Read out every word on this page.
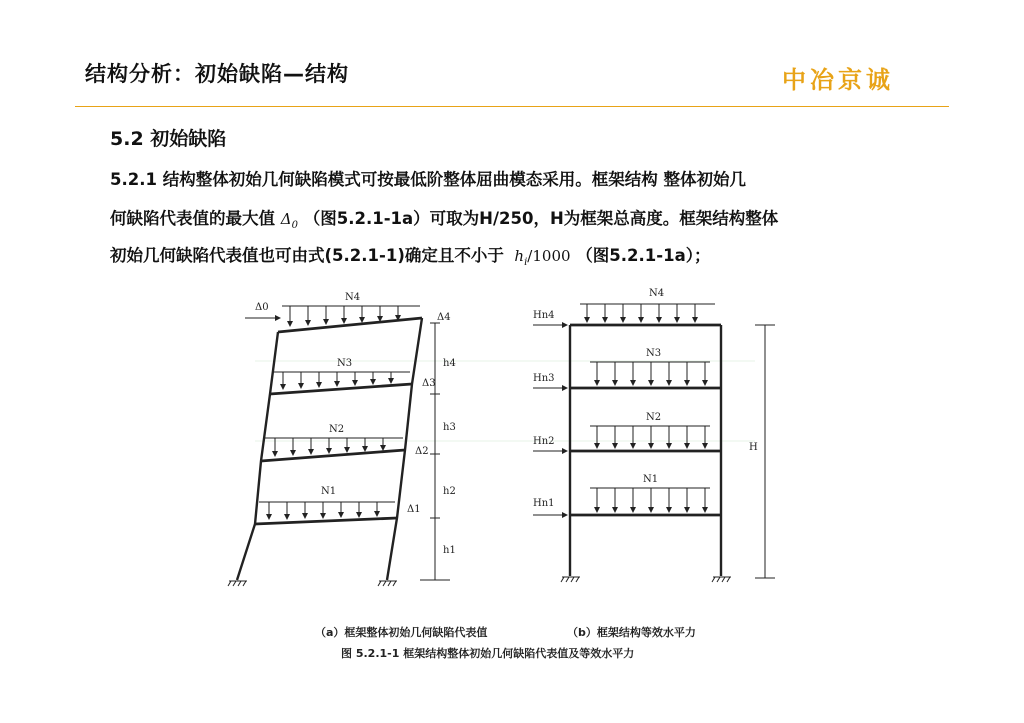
结构分析：初始缺陷—结构	中冶京诚
5.2 初始缺陷
5.2.1 结构整体初始几何缺陷模式可按最低阶整体屈曲模态采用。框架结构 整体初始几
何缺陷代表值的最大值 $\Delta_0$ （图5.2.1-1a）可取为H/250，H为框架总高度。框架结构整体
初始几何缺陷代表值也可由式(5.2.1-1)确定且不小于 $h_i/1000$ （图5.2.1-1a）；
Δ0
N4
Δ4
N3
Δ3
N2
Δ2
N1
Δ1
h4
h3
h2
h1
Hn4
N4
N3
Hn3
N2
Hn2
N1
Hn1
H
（a）框架整体初始几何缺陷代表值	（b）框架结构等效水平力
图 5.2.1-1 框架结构整体初始几何缺陷代表值及等效水平力
